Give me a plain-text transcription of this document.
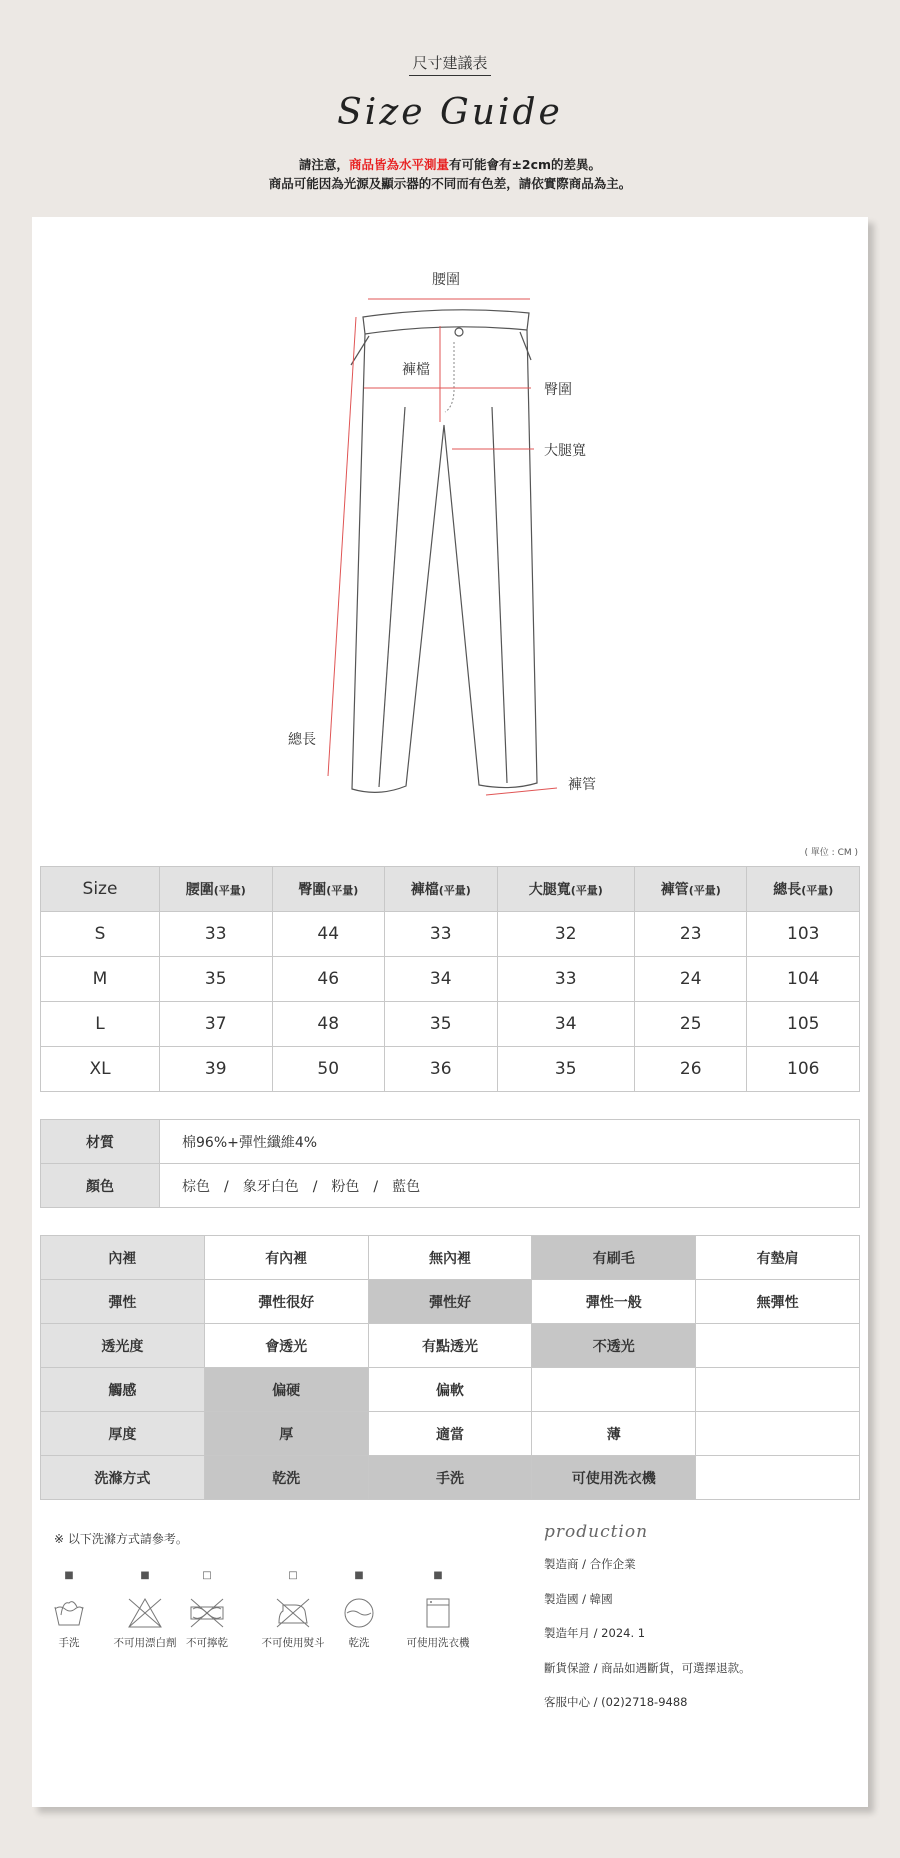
尺寸建議表
Size Guide
請注意，商品皆為水平測量有可能會有±2cm的差異。
商品可能因為光源及顯示器的不同而有色差，請依實際商品為主。
腰圍
褲檔
臀圍
大腿寬
總長
褲管
( 單位 : CM )
Size	腰圍(平量)	臀圍(平量)	褲檔(平量)	大腿寬(平量)	褲管(平量)	總長(平量)
S	33	44	33	32	23	103
M	35	46	34	33	24	104
L	37	48	35	34	25	105
XL	39	50	36	35	26	106
材質	棉96%+彈性纖維4%
顏色	棕色　/　象牙白色　/　粉色　/　藍色
內裡	有內裡	無內裡	有刷毛	有墊肩
彈性	彈性很好	彈性好	彈性一般	無彈性
透光度	會透光	有點透光	不透光	
觸感	偏硬	偏軟		
厚度	厚	適當	薄	
洗滌方式	乾洗	手洗	可使用洗衣機	
※ 以下洗滌方式請參考。
■
手洗
■
不可用漂白劑
□
不可擰乾
□
不可使用熨斗
■
乾洗
■
可使用洗衣機
production
製造商 / 合作企業
製造國 / 韓國
製造年月 / 2024. 1
斷貨保證 / 商品如遇斷貨，可選擇退款。
客服中心 / (02)2718-9488
